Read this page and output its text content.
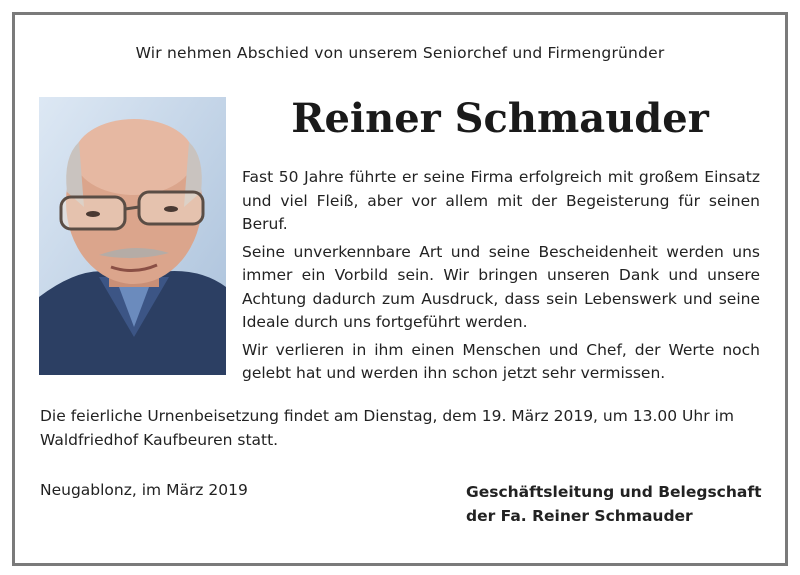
Wir nehmen Abschied von unserem Seniorchef und Firmengründer
Reiner Schmauder

Fast 50 Jahre führte er seine Firma erfolgreich mit großem Einsatz und viel Fleiß, aber vor allem mit der Begeisterung für seinen Beruf.

Seine unverkennbare Art und seine Bescheidenheit werden uns immer ein Vorbild sein. Wir bringen unseren Dank und unsere Achtung dadurch zum Ausdruck, dass sein Lebenswerk und seine Ideale durch uns fortgeführt werden.

Wir verlieren in ihm einen Menschen und Chef, der Werte noch gelebt hat und werden ihn schon jetzt sehr vermissen.

Die feierliche Urnenbeisetzung findet am Dienstag, dem 19. März 2019, um 13.00 Uhr im Waldfriedhof Kaufbeuren statt.
Neugablonz, im März 2019	Geschäftsleitung und Belegschaft
der Fa. Reiner Schmauder
